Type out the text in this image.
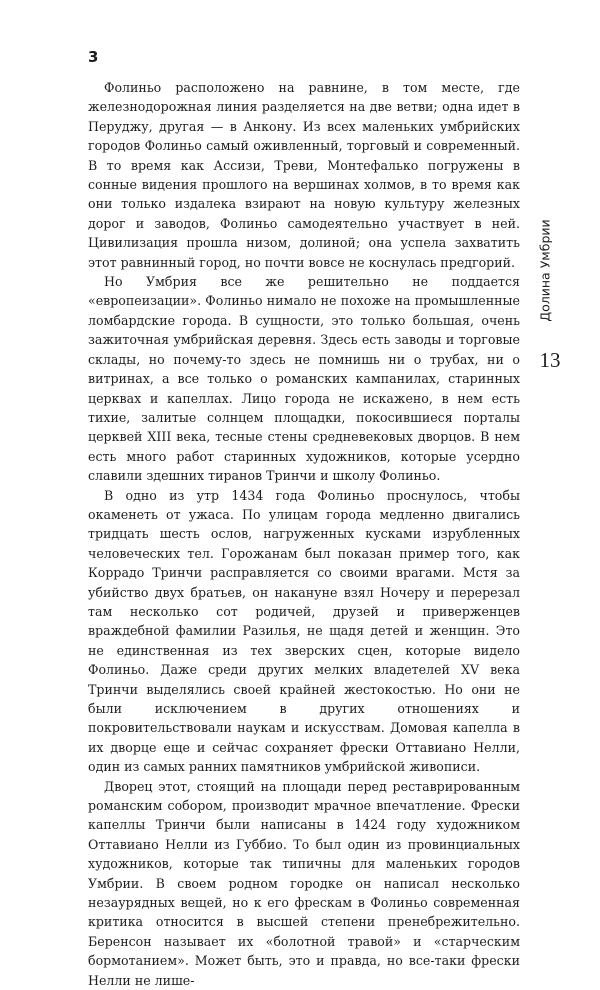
3

Фолиньо расположено на равнине, в том месте, где железнодорожная линия разделяется на две ветви; одна идет в Перуджу, другая — в Анкону. Из всех маленьких умбрийских городов Фолиньо самый оживленный, торговый и современный. В то время как Ассизи, Треви, Монтефалько погружены в сонные видения прошлого на вершинах холмов, в то время как они только издалека взирают на новую культуру железных дорог и заводов, Фолиньо самодеятельно участвует в ней. Цивилизация прошла низом, долиной; она успела захватить этот равнинный город, но почти вовсе не коснулась предгорий.

Но Умбрия все же решительно не поддается «европеизации». Фолиньо нимало не похоже на промышленные ломбардские города. В сущности, это только большая, очень зажиточная умбрийская деревня. Здесь есть заводы и торговые склады, но почему-то здесь не помнишь ни о трубах, ни о витринах, а все только о романских кампанилах, старинных церквах и капеллах. Лицо города не искажено, в нем есть тихие, залитые солнцем площадки, покосившиеся порталы церквей XIII века, тесные стены средневековых дворцов. В нем есть много работ старинных художников, которые усердно славили здешних тиранов Тринчи и школу Фолиньо.

В одно из утр 1434 года Фолиньо проснулось, чтобы окаменеть от ужаса. По улицам города медленно двигались тридцать шесть ослов, нагруженных кусками изрубленных человеческих тел. Горожанам был показан пример того, как Коррадо Тринчи расправляется со своими врагами. Мстя за убийство двух братьев, он накануне взял Ночеру и перерезал там несколько сот родичей, друзей и приверженцев враждебной фамилии Разилья, не щадя детей и женщин. Это не единственная из тех зверских сцен, которые видело Фолиньо. Даже среди других мелких владетелей XV века Тринчи выделялись своей крайней жестокостью. Но они не были исключением в других отношениях и покровительствовали наукам и искусствам. Домовая капелла в их дворце еще и сейчас сохраняет фрески Оттавиано Нелли, один из самых ранних памятников умбрийской живописи.

Дворец этот, стоящий на площади перед реставрированным романским собором, производит мрачное впечатление. Фрески капеллы Тринчи были написаны в 1424 году художником Оттавиано Нелли из Губбио. То был один из провинциальных художников, которые так типичны для маленьких городов Умбрии. В своем родном городке он написал несколько незаурядных вещей, но к его фрескам в Фолиньо современная критика относится в высшей степени пренебрежительно. Беренсон называет их «болотной травой» и «старческим бормотанием». Может быть, это и правда, но все-таки фрески Нелли не лише-

Долина Умбрии
13
